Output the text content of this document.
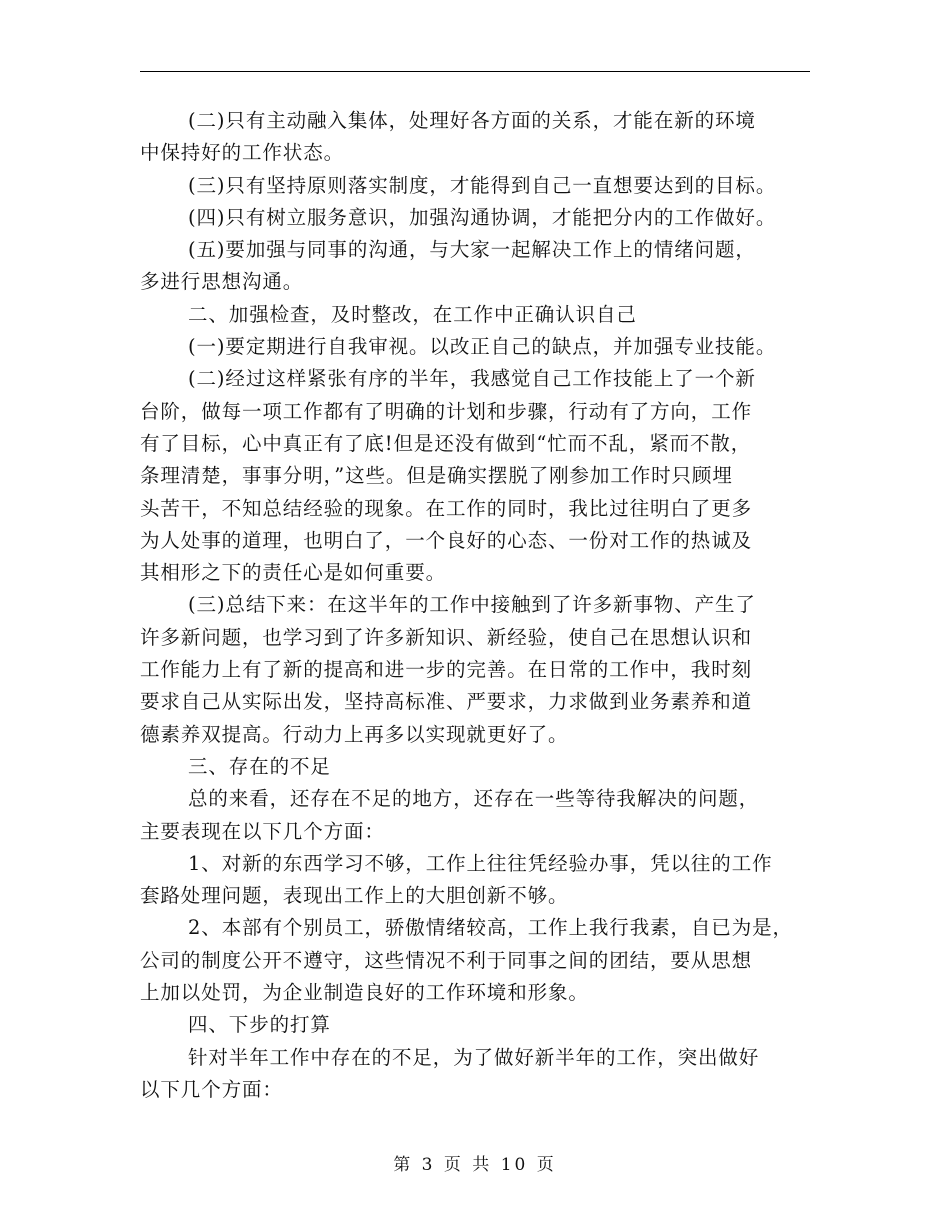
(二)只有主动融入集体，处理好各方面的关系，才能在新的环境
中保持好的工作状态。
(三)只有坚持原则落实制度，才能得到自己一直想要达到的目标。
(四)只有树立服务意识，加强沟通协调，才能把分内的工作做好。
(五)要加强与同事的沟通，与大家一起解决工作上的情绪问题，
多进行思想沟通。
二、加强检查，及时整改，在工作中正确认识自己
(一)要定期进行自我审视。以改正自己的缺点，并加强专业技能。
(二)经过这样紧张有序的半年，我感觉自己工作技能上了一个新
台阶，做每一项工作都有了明确的计划和步骤，行动有了方向，工作
有了目标，心中真正有了底!但是还没有做到“忙而不乱，紧而不散，
条理清楚，事事分明，”这些。但是确实摆脱了刚参加工作时只顾埋
头苦干，不知总结经验的现象。在工作的同时，我比过往明白了更多
为人处事的道理，也明白了，一个良好的心态、一份对工作的热诚及
其相形之下的责任心是如何重要。
(三)总结下来：在这半年的工作中接触到了许多新事物、产生了
许多新问题，也学习到了许多新知识、新经验，使自己在思想认识和
工作能力上有了新的提高和进一步的完善。在日常的工作中，我时刻
要求自己从实际出发，坚持高标准、严要求，力求做到业务素养和道
德素养双提高。行动力上再多以实现就更好了。
三、存在的不足
总的来看，还存在不足的地方，还存在一些等待我解决的问题，
主要表现在以下几个方面：
1、对新的东西学习不够，工作上往往凭经验办事，凭以往的工作
套路处理问题，表现出工作上的大胆创新不够。
2、本部有个别员工，骄傲情绪较高，工作上我行我素，自已为是，
公司的制度公开不遵守，这些情况不利于同事之间的团结，要从思想
上加以处罚，为企业制造良好的工作环境和形象。
四、下步的打算
针对半年工作中存在的不足，为了做好新半年的工作，突出做好
以下几个方面：
第 3 页 共 10 页
